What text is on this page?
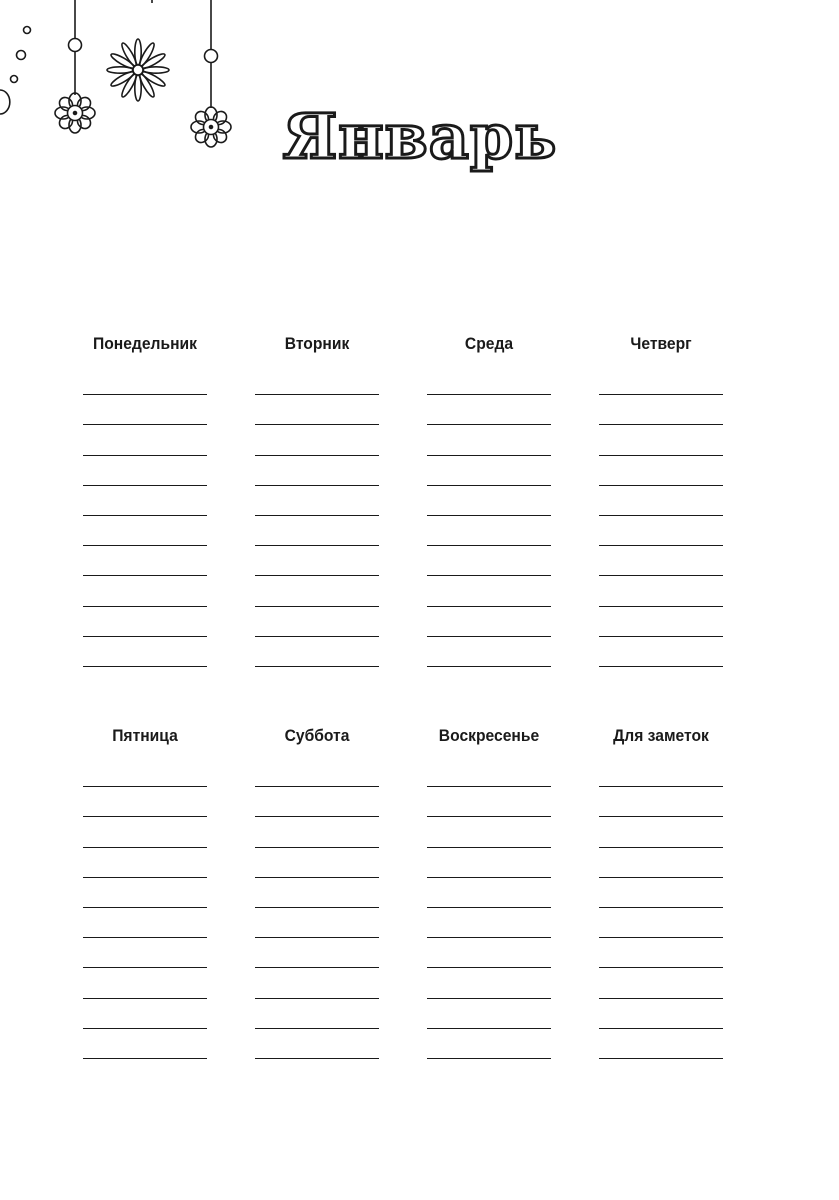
Январь
Понедельник	Вторник	Среда	Четверг
Пятница	Суббота	Воскресенье	Для заметок
